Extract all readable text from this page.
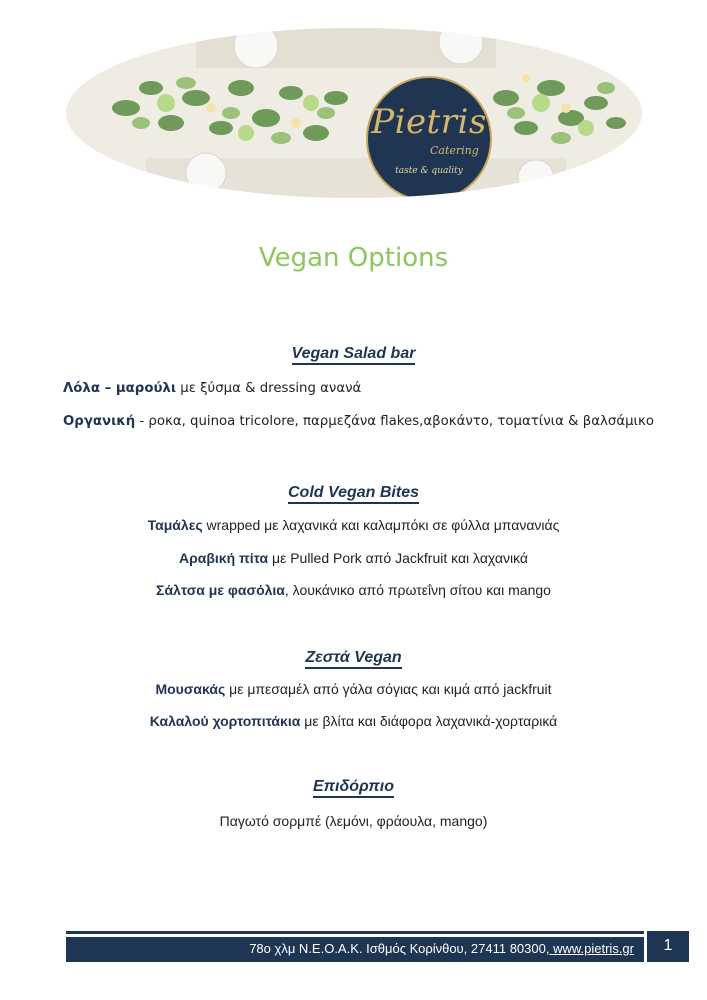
Pietris
Catering
taste & quality
Vegan Options
Vegan Salad bar
Λόλα – μαρούλι με ξύσμα & dressing ανανά
Οργανική - ροκα, quinoa tricolore, παρμεζάνα flakes,αβοκάντο, τοματίνια & βαλσάμικο
Cold Vegan Bites
Ταμάλες wrapped με λαχανικά και καλαμπόκι σε φύλλα μπανανιάς
Αραβική πίτα με Pulled Pork από Jackfruit και λαχανικά
Σάλτσα με φασόλια, λουκάνικο από πρωτεΐνη σίτου και mango
Ζεστά Vegan
Μουσακάς με μπεσαμέλ από γάλα σόγιας και κιμά από jackfruit
Καλαλού χορτοπιτάκια με βλίτα και διάφορα λαχανικά-χορταρικά
Επιδόρπιο
Παγωτό σορμπέ (λεμόνι, φράουλα, mango)
78ο χλμ Ν.Ε.Ο.Α.Κ. Ισθμός Κορίνθου, 27411 80300, www.pietris.gr	1
